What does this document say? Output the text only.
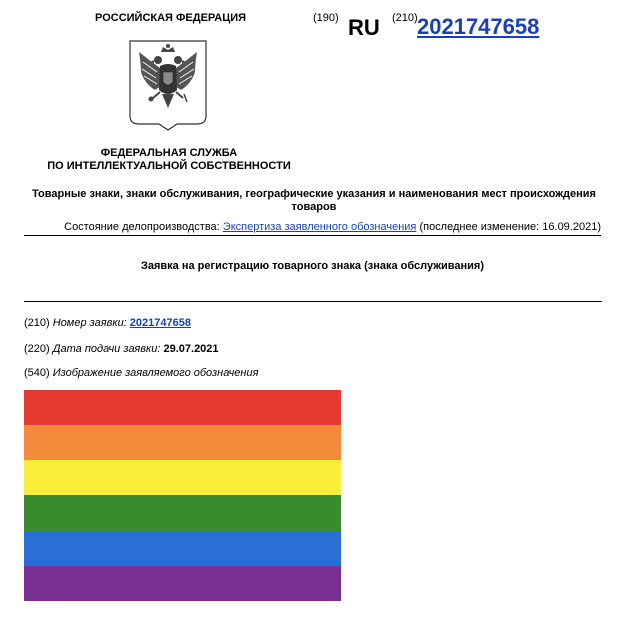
РОССИЙСКАЯ ФЕДЕРАЦИЯ	(190) RU (210) 2021747658
ФЕДЕРАЛЬНАЯ СЛУЖБА
ПО ИНТЕЛЛЕКТУАЛЬНОЙ СОБСТВЕННОСТИ
Товарные знаки, знаки обслуживания, географические указания и наименования мест происхождения товаров
Состояние делопроизводства: Экспертиза заявленного обозначения (последнее изменение: 16.09.2021)
Заявка на регистрацию товарного знака (знака обслуживания)
(210) Номер заявки: 2021747658
(220) Дата подачи заявки: 29.07.2021
(540) Изображение заявляемого обозначения
